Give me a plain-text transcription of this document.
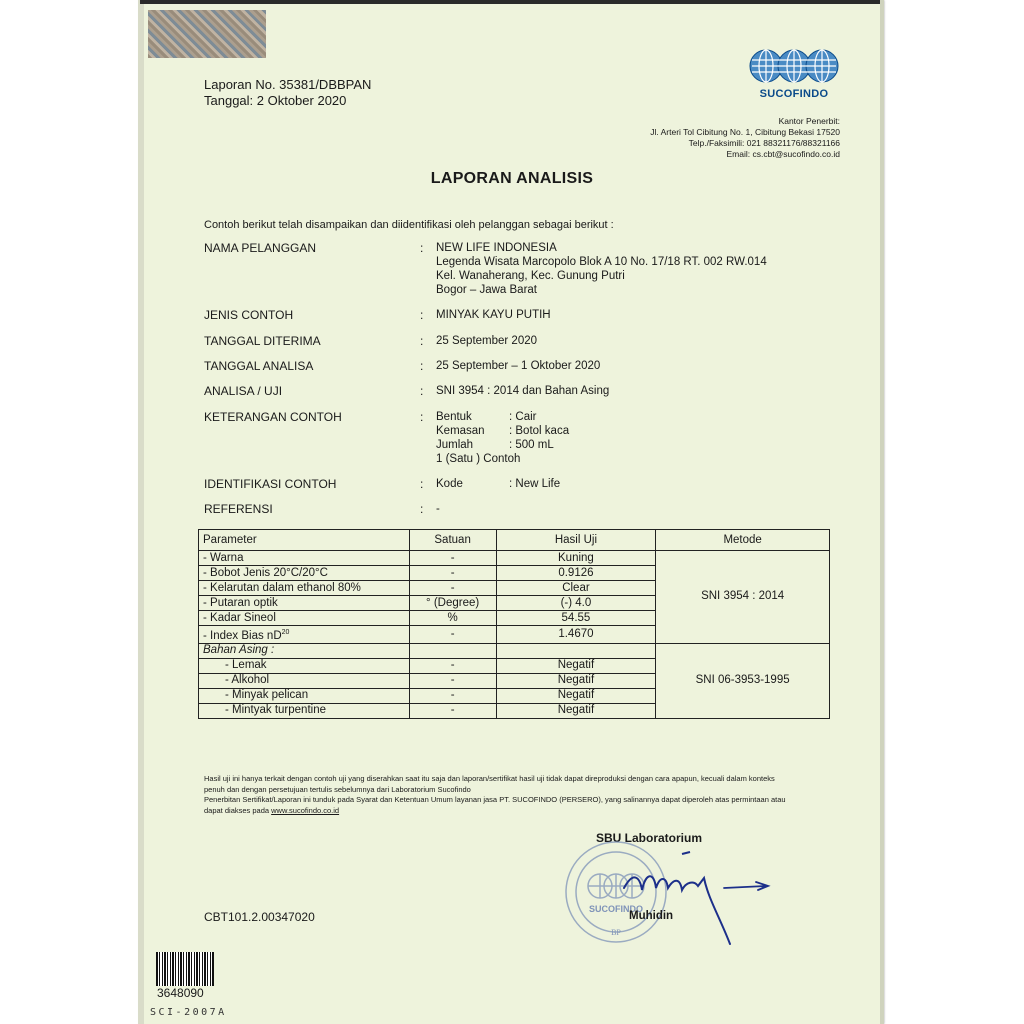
Laporan No. 35381/DBBPAN
Tanggal: 2 Oktober 2020	SUCOFINDO
Kantor Penerbit:
Jl. Arteri Tol Cibitung No. 1, Cibitung Bekasi 17520
Telp./Faksimili: 021 88321176/88321166
Email: cs.cbt@sucofindo.co.id
LAPORAN ANALISIS
Contoh berikut telah disampaikan dan diidentifikasi oleh pelanggan sebagai berikut :
NAMA PELANGGAN	: NEW LIFE INDONESIA
Legenda Wisata Marcopolo Blok A 10 No. 17/18 RT. 002 RW.014
Kel. Wanaherang, Kec. Gunung Putri
Bogor – Jawa Barat
JENIS CONTOH	: MINYAK KAYU PUTIH
TANGGAL DITERIMA	: 25 September 2020
TANGGAL ANALISA	: 25 September – 1 Oktober 2020
ANALISA / UJI	: SNI 3954 : 2014 dan Bahan Asing
KETERANGAN CONTOH	: Bentuk	: Cair
Kemasan : Botol kaca
Jumlah	: 500 mL
1 (Satu ) Contoh
IDENTIFIKASI CONTOH	: Kode	: New Life
REFERENSI	: -
Parameter	Satuan	Hasil Uji	Metode
- Warna	-	Kuning	SNI 3954 : 2014
- Bobot Jenis 20°C/20°C	-	0.9126	
- Kelarutan dalam ethanol 80%	-	Clear	
- Putaran optik	° (Degree)	(-) 4.0	
- Kadar Sineol	%	54.55	
- Index Bias $nD^{20}$	-	1.4670	
Bahan Asing :			SNI 06-3953-1995
- Lemak	-	Negatif	
- Alkohol	-	Negatif	
- Minyak pelican	-	Negatif	
- Mintyak turpentine	-	Negatif	
Hasil uji ini hanya terkait dengan contoh uji yang diserahkan saat itu saja dan laporan/sertifikat hasil uji tidak dapat direproduksi dengan cara apapun, kecuali dalam konteks
penuh dan dengan persetujuan tertulis sebelumnya dari Laboratorium Sucofindo
Penerbitan Sertifikat/Laporan ini tunduk pada Syarat dan Ketentuan Umum layanan jasa PT. SUCOFINDO (PERSERO), yang salinannya dapat diperoleh atas permintaan atau
dapat diakses pada www.sucofindo.co.id
SBU Laboratorium
SUCOFINDO
BP
Muhidin
CBT101.2.00347020
3648090
SCI-2007A
